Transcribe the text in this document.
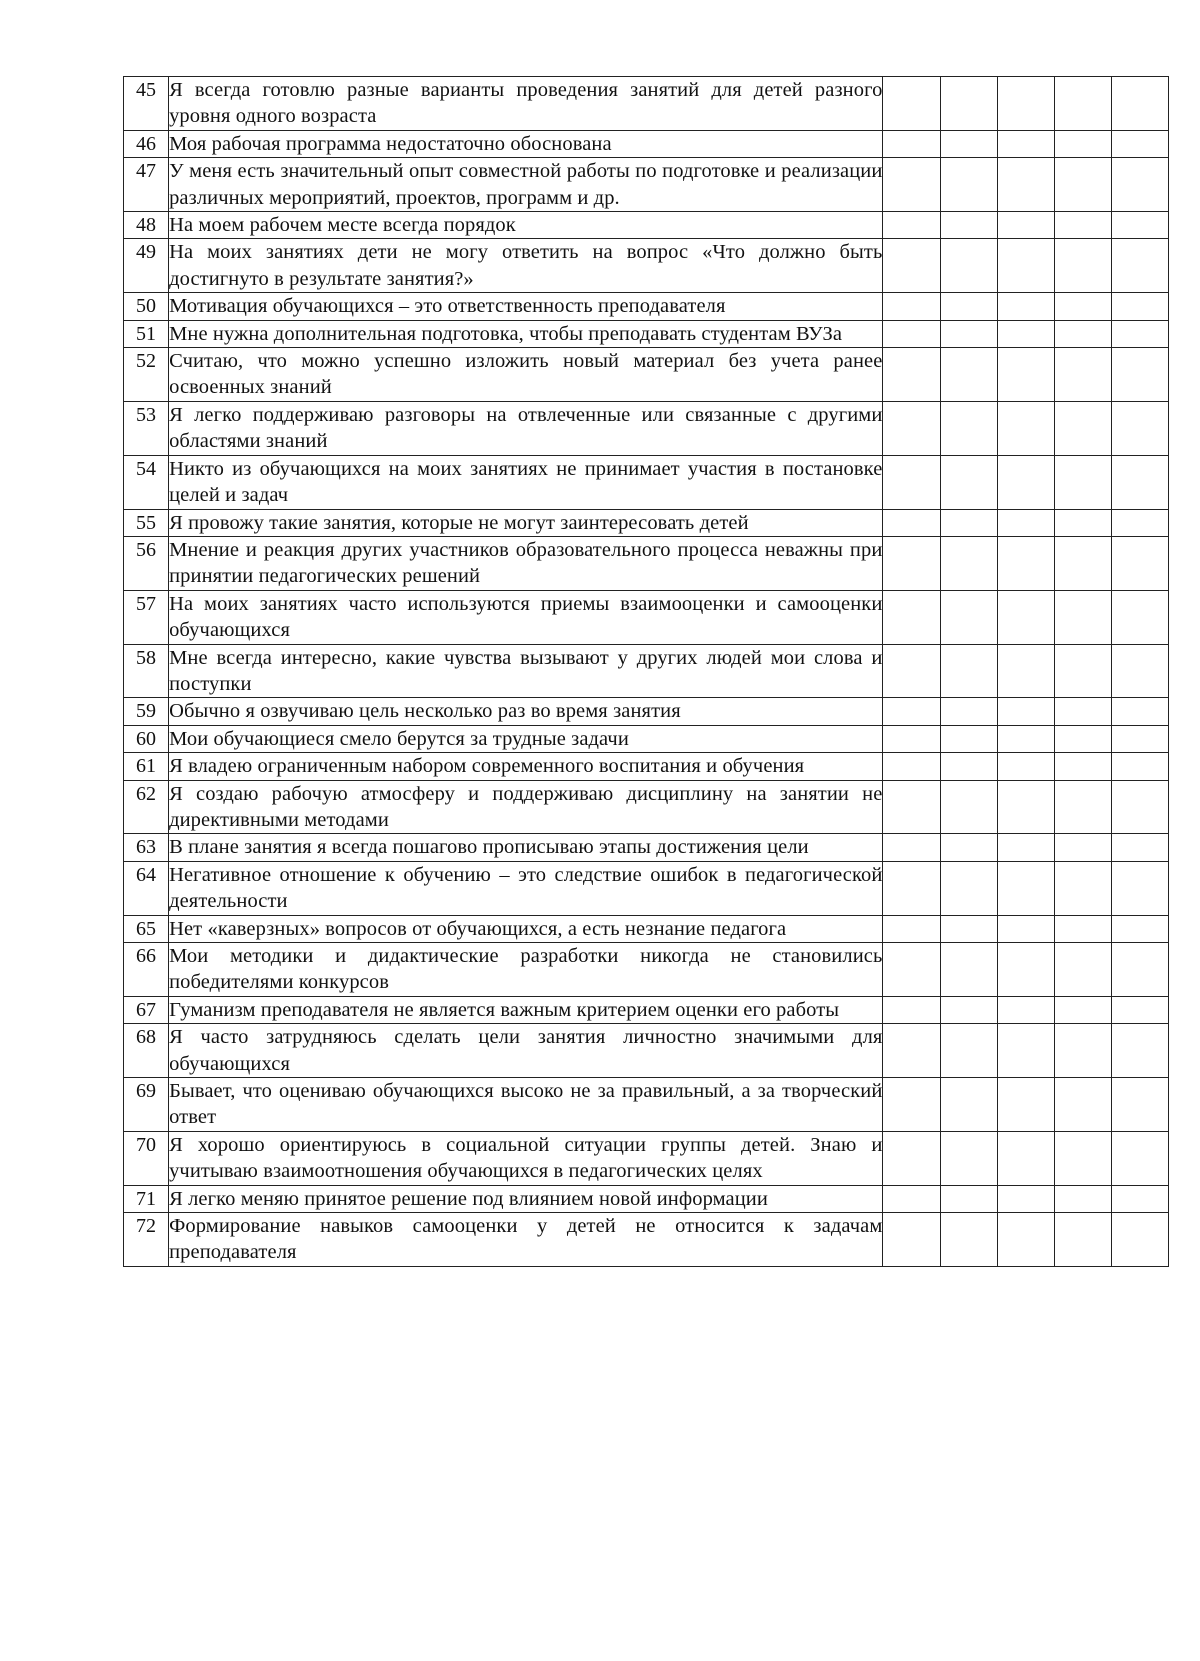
45	Я всегда готовлю разные варианты проведения занятий для детей разного уровня одного возраста					
46	Моя рабочая программа недостаточно обоснована					
47	У меня есть значительный опыт совместной работы по подготовке и реализации различных мероприятий, проектов, программ и др.					
48	На моем рабочем месте всегда порядок					
49	На моих занятиях дети не могу ответить на вопрос «Что должно быть достигнуто в результате занятия?»					
50	Мотивация обучающихся – это ответственность преподавателя					
51	Мне нужна дополнительная подготовка, чтобы преподавать студентам ВУЗа					
52	Считаю, что можно успешно изложить новый материал без учета ранее освоенных знаний					
53	Я легко поддерживаю разговоры на отвлеченные или связанные с другими областями знаний					
54	Никто из обучающихся на моих занятиях не принимает участия в постановке целей и задач					
55	Я провожу такие занятия, которые не могут заинтересовать детей					
56	Мнение и реакция других участников образовательного процесса неважны при принятии педагогических решений					
57	На моих занятиях часто используются приемы взаимооценки и самооценки обучающихся					
58	Мне всегда интересно, какие чувства вызывают у других людей мои слова и поступки					
59	Обычно я озвучиваю цель несколько раз во время занятия					
60	Мои обучающиеся смело берутся за трудные задачи					
61	Я владею ограниченным набором современного воспитания и обучения					
62	Я создаю рабочую атмосферу и поддерживаю дисциплину на занятии не директивными методами					
63	В плане занятия я всегда пошагово прописываю этапы достижения цели					
64	Негативное отношение к обучению – это следствие ошибок в педагогической деятельности					
65	Нет «каверзных» вопросов от обучающихся, а есть незнание педагога					
66	Мои методики и дидактические разработки никогда не становились победителями конкурсов					
67	Гуманизм преподавателя не является важным критерием оценки его работы					
68	Я часто затрудняюсь сделать цели занятия личностно значимыми для обучающихся					
69	Бывает, что оцениваю обучающихся высоко не за правильный, а за творческий ответ					
70	Я хорошо ориентируюсь в социальной ситуации группы детей. Знаю и учитываю взаимоотношения обучающихся в педагогических целях					
71	Я легко меняю принятое решение под влиянием новой информации					
72	Формирование навыков самооценки у детей не относится к задачам преподавателя					
